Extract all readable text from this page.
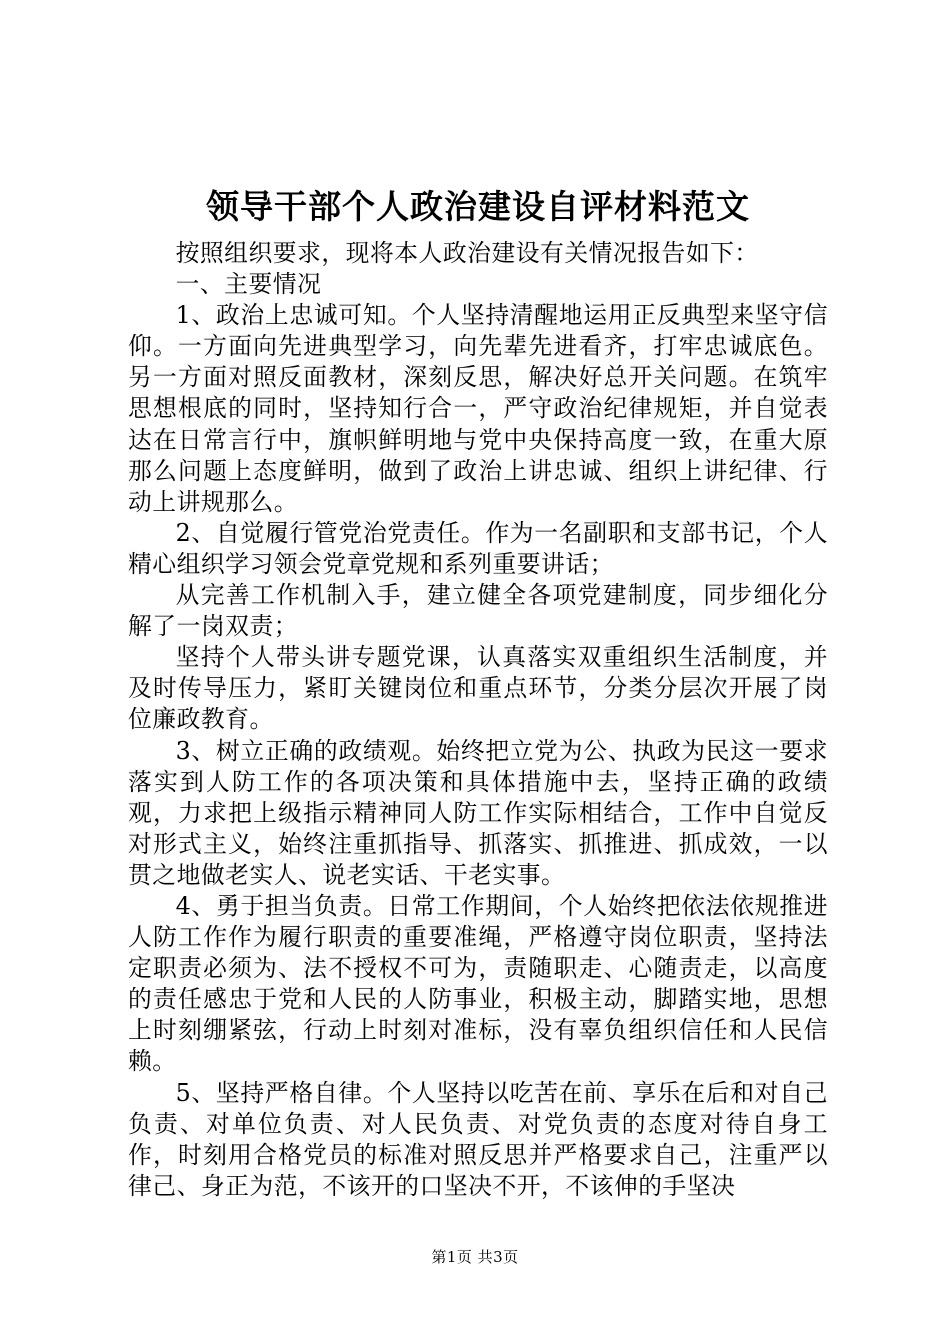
领导干部个人政治建设自评材料范文

按照组织要求，现将本人政治建设有关情况报告如下：

一、主要情况

1、政治上忠诚可知。个人坚持清醒地运用正反典型来坚守信仰。一方面向先进典型学习，向先辈先进看齐，打牢忠诚底色。另一方面对照反面教材，深刻反思，解决好总开关问题。在筑牢思想根底的同时，坚持知行合一，严守政治纪律规矩，并自觉表达在日常言行中，旗帜鲜明地与党中央保持高度一致，在重大原那么问题上态度鲜明，做到了政治上讲忠诚、组织上讲纪律、行动上讲规那么。

2、自觉履行管党治党责任。作为一名副职和支部书记，个人精心组织学习领会党章党规和系列重要讲话；

从完善工作机制入手，建立健全各项党建制度，同步细化分解了一岗双责；

坚持个人带头讲专题党课，认真落实双重组织生活制度，并及时传导压力，紧盯关键岗位和重点环节，分类分层次开展了岗位廉政教育。

3、树立正确的政绩观。始终把立党为公、执政为民这一要求落实到人防工作的各项决策和具体措施中去，坚持正确的政绩观，力求把上级指示精神同人防工作实际相结合，工作中自觉反对形式主义，始终注重抓指导、抓落实、抓推进、抓成效，一以贯之地做老实人、说老实话、干老实事。

4、勇于担当负责。日常工作期间，个人始终把依法依规推进人防工作作为履行职责的重要准绳，严格遵守岗位职责，坚持法定职责必须为、法不授权不可为，责随职走、心随责走，以高度的责任感忠于党和人民的人防事业，积极主动，脚踏实地，思想上时刻绷紧弦，行动上时刻对准标，没有辜负组织信任和人民信赖。

5、坚持严格自律。个人坚持以吃苦在前、享乐在后和对自己负责、对单位负责、对人民负责、对党负责的态度对待自身工作，时刻用合格党员的标准对照反思并严格要求自己，注重严以律己、身正为范，不该开的口坚决不开，不该伸的手坚决

第1页 共3页
